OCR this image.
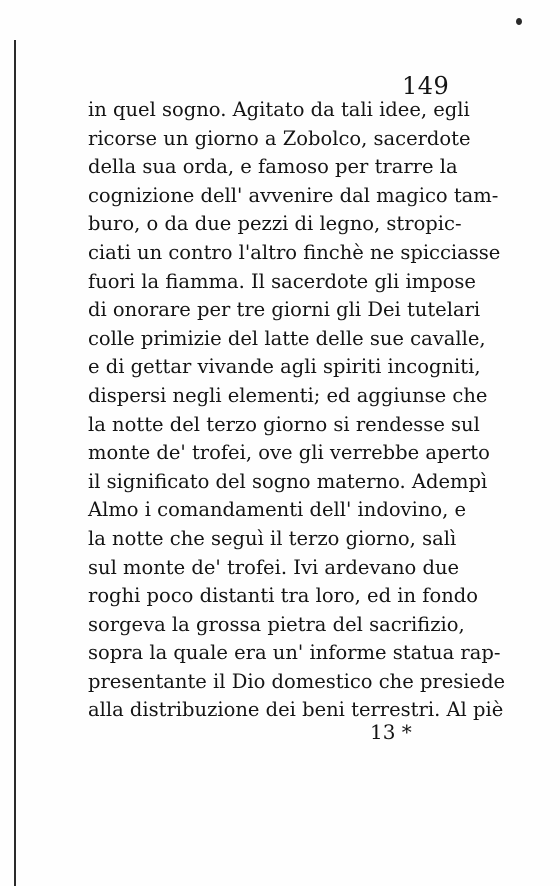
149
in quel sogno. Agitato da tali idee, egli
ricorse un giorno a Zobolco, sacerdote
della sua orda, e famoso per trarre la
cognizione dell' avvenire dal magico tam-
buro, o da due pezzi di legno, stropic-
ciati un contro l'altro finchè ne spicciasse
fuori la fiamma. Il sacerdote gli impose
di onorare per tre giorni gli Dei tutelari
colle primizie del latte delle sue cavalle,
e di gettar vivande agli spiriti incogniti,
dispersi negli elementi; ed aggiunse che
la notte del terzo giorno si rendesse sul
monte de' trofei, ove gli verrebbe aperto
il significato del sogno materno. Adempì
Almo i comandamenti dell' indovino, e
la notte che seguì il terzo giorno, salì
sul monte de' trofei. Ivi ardevano due
roghi poco distanti tra loro, ed in fondo
sorgeva la grossa pietra del sacrifizio,
sopra la quale era un' informe statua rap-
presentante il Dio domestico che presiede
alla distribuzione dei beni terrestri. Al piè
13 *
